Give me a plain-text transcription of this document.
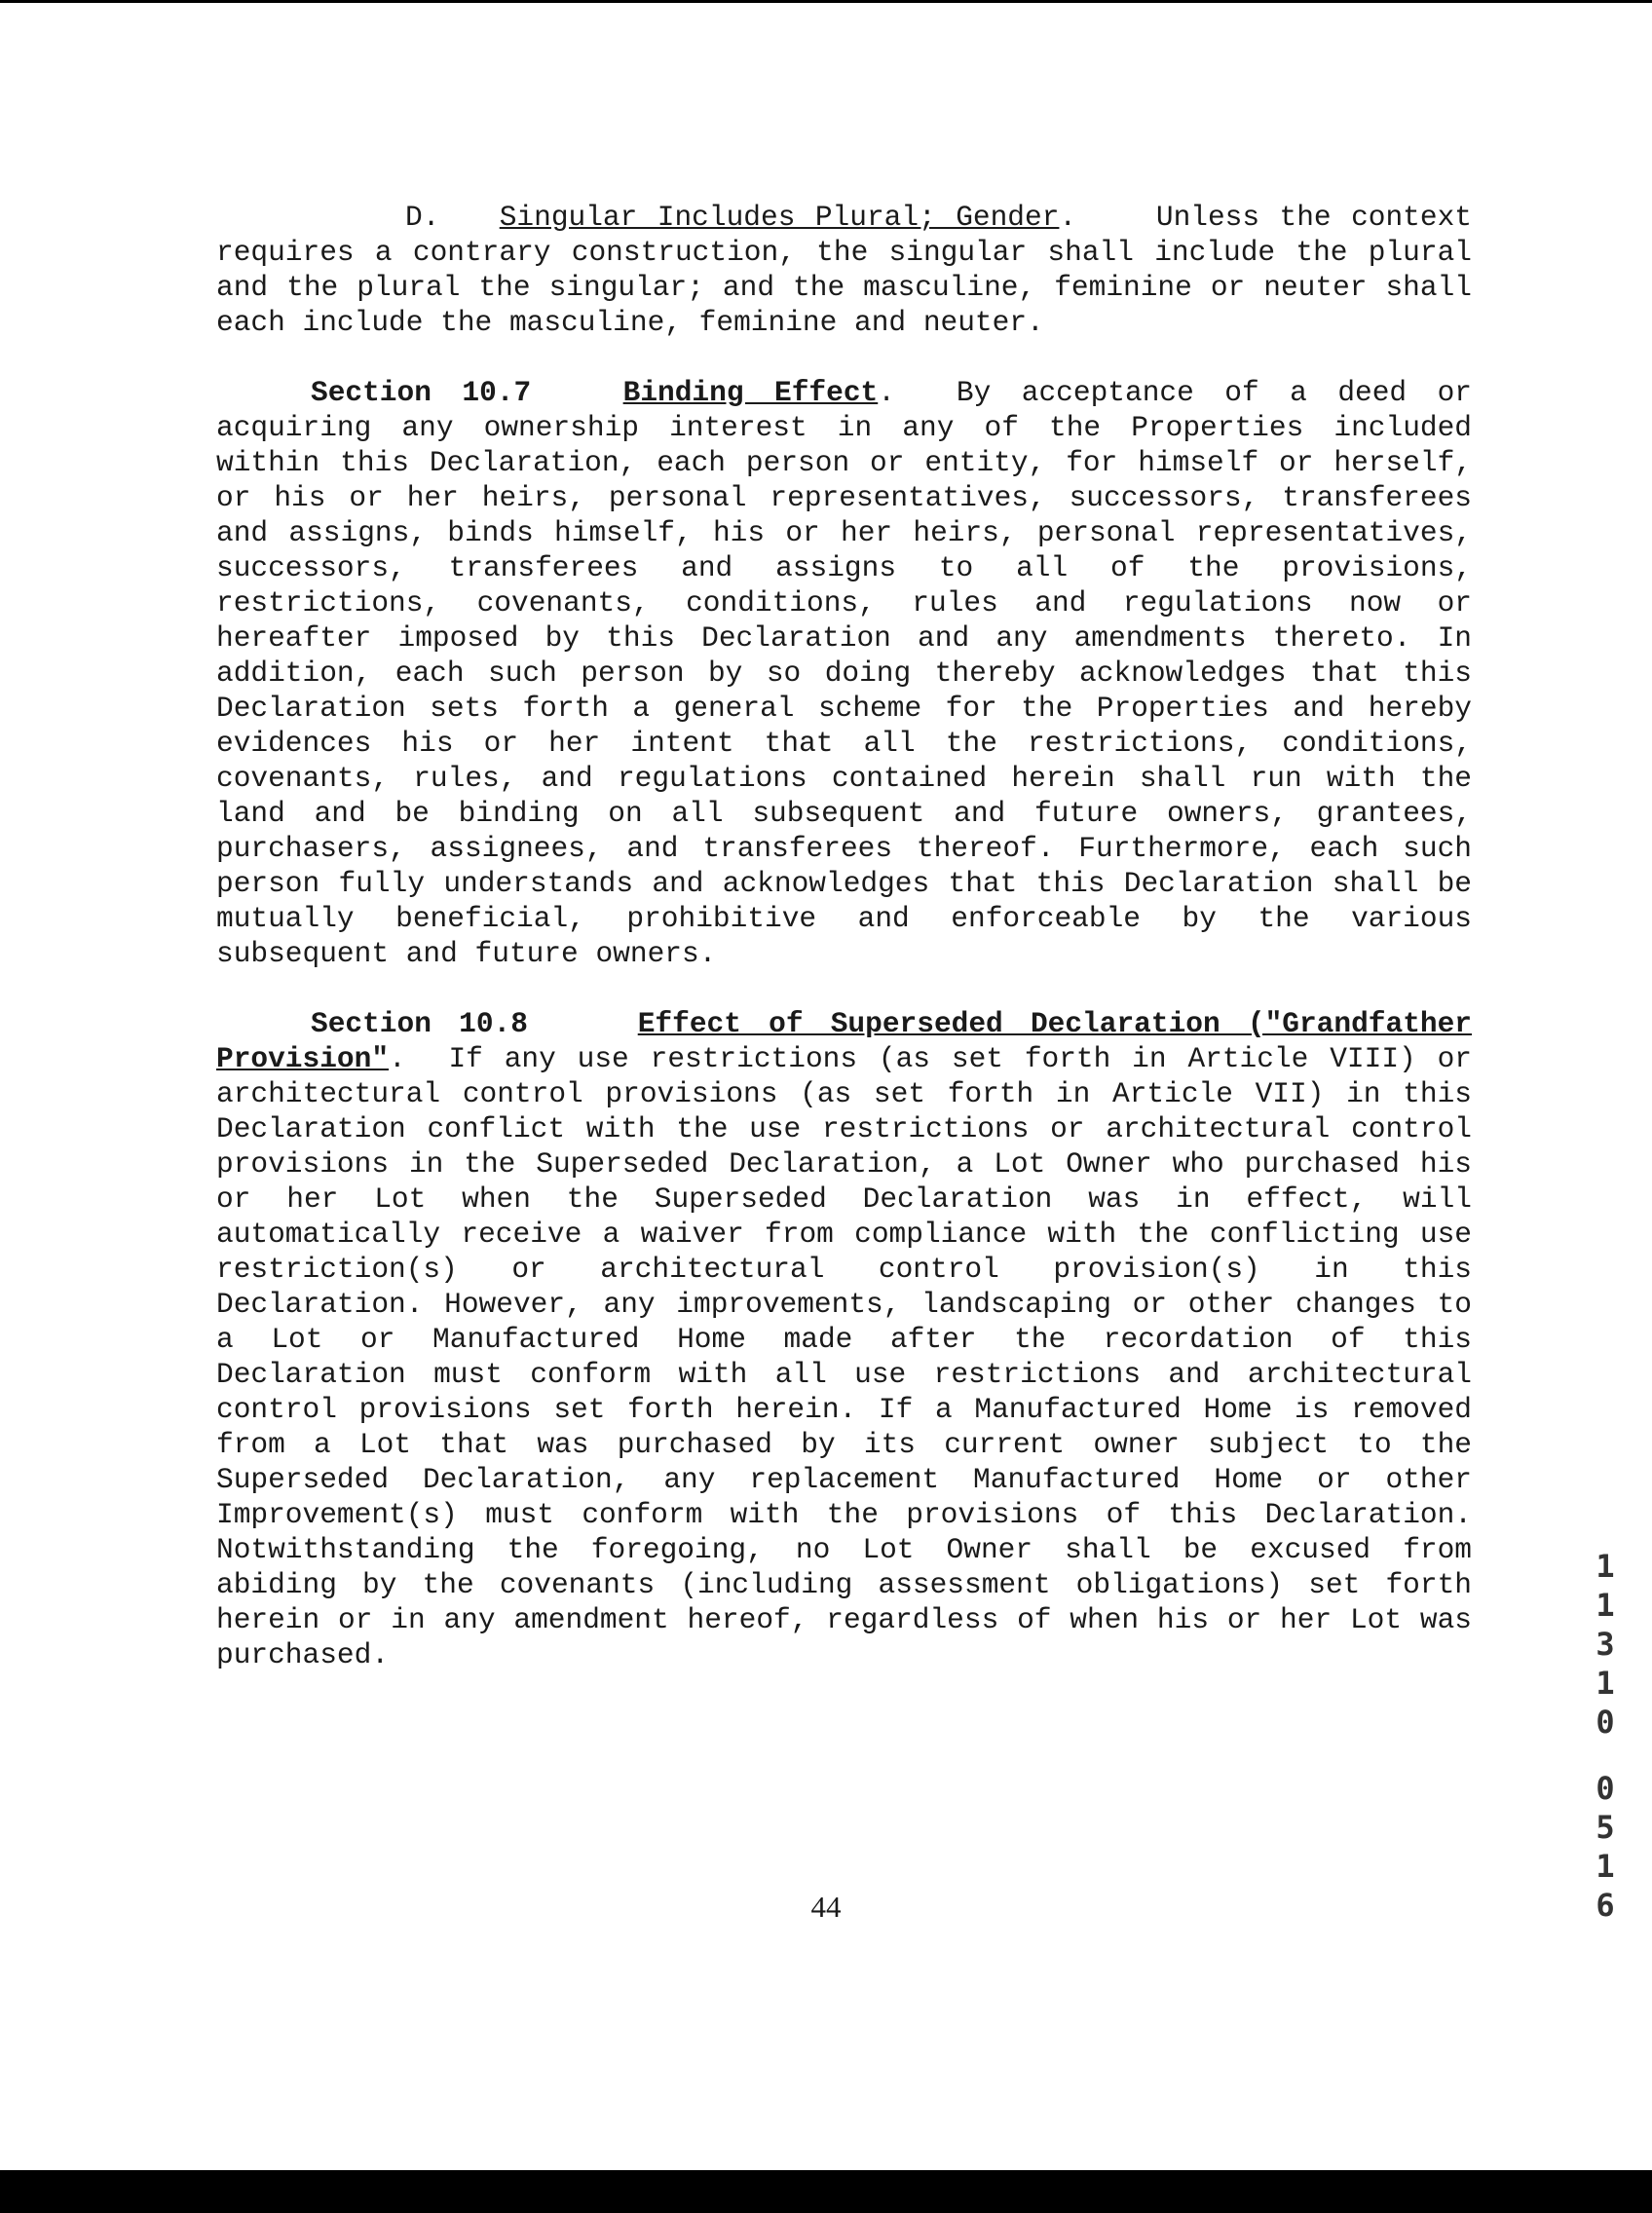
D. Singular Includes Plural; Gender.	Unless the context requires a contrary construction, the singular shall include the plural and the plural the singular; and the masculine, feminine or neuter shall each include the masculine, feminine and neuter.

Section 10.7	Binding Effect. By acceptance of a deed or acquiring any ownership interest in any of the Properties included within this Declaration, each person or entity, for himself or herself, or his or her heirs, personal representatives, successors, transferees and assigns, binds himself, his or her heirs, personal representatives, successors, transferees and assigns to all of the provisions, restrictions, covenants, conditions, rules and regulations now or hereafter imposed by this Declaration and any amendments thereto. In addition, each such person by so doing thereby acknowledges that this Declaration sets forth a general scheme for the Properties and hereby evidences his or her intent that all the restrictions, conditions, covenants, rules, and regulations contained herein shall run with the land and be binding on all subsequent and future owners, grantees, purchasers, assignees, and transferees thereof. Furthermore, each such person fully understands and acknowledges that this Declaration shall be mutually beneficial, prohibitive and enforceable by the various subsequent and future owners.

Section 10.8	Effect of Superseded Declaration ("Grandfather Provision". If any use restrictions (as set forth in Article VIII) or architectural control provisions (as set forth in Article VII) in this Declaration conflict with the use restrictions or architectural control provisions in the Superseded Declaration, a Lot Owner who purchased his or her Lot when the Superseded Declaration was in effect, will automatically receive a waiver from compliance with the conflicting use restriction(s) or architectural control provision(s) in this Declaration. However, any improvements, landscaping or other changes to a Lot or Manufactured Home made after the recordation of this Declaration must conform with all use restrictions and architectural control provisions set forth herein. If a Manufactured Home is removed from a Lot that was purchased by its current owner subject to the Superseded Declaration, any replacement Manufactured Home or other Improvement(s) must conform with the provisions of this Declaration. Notwithstanding the foregoing, no Lot Owner shall be excused from abiding by the covenants (including assessment obligations) set forth herein or in any amendment hereof, regardless of when his or her Lot was purchased.

44
1
1
3
1
0
0
5
1
6
